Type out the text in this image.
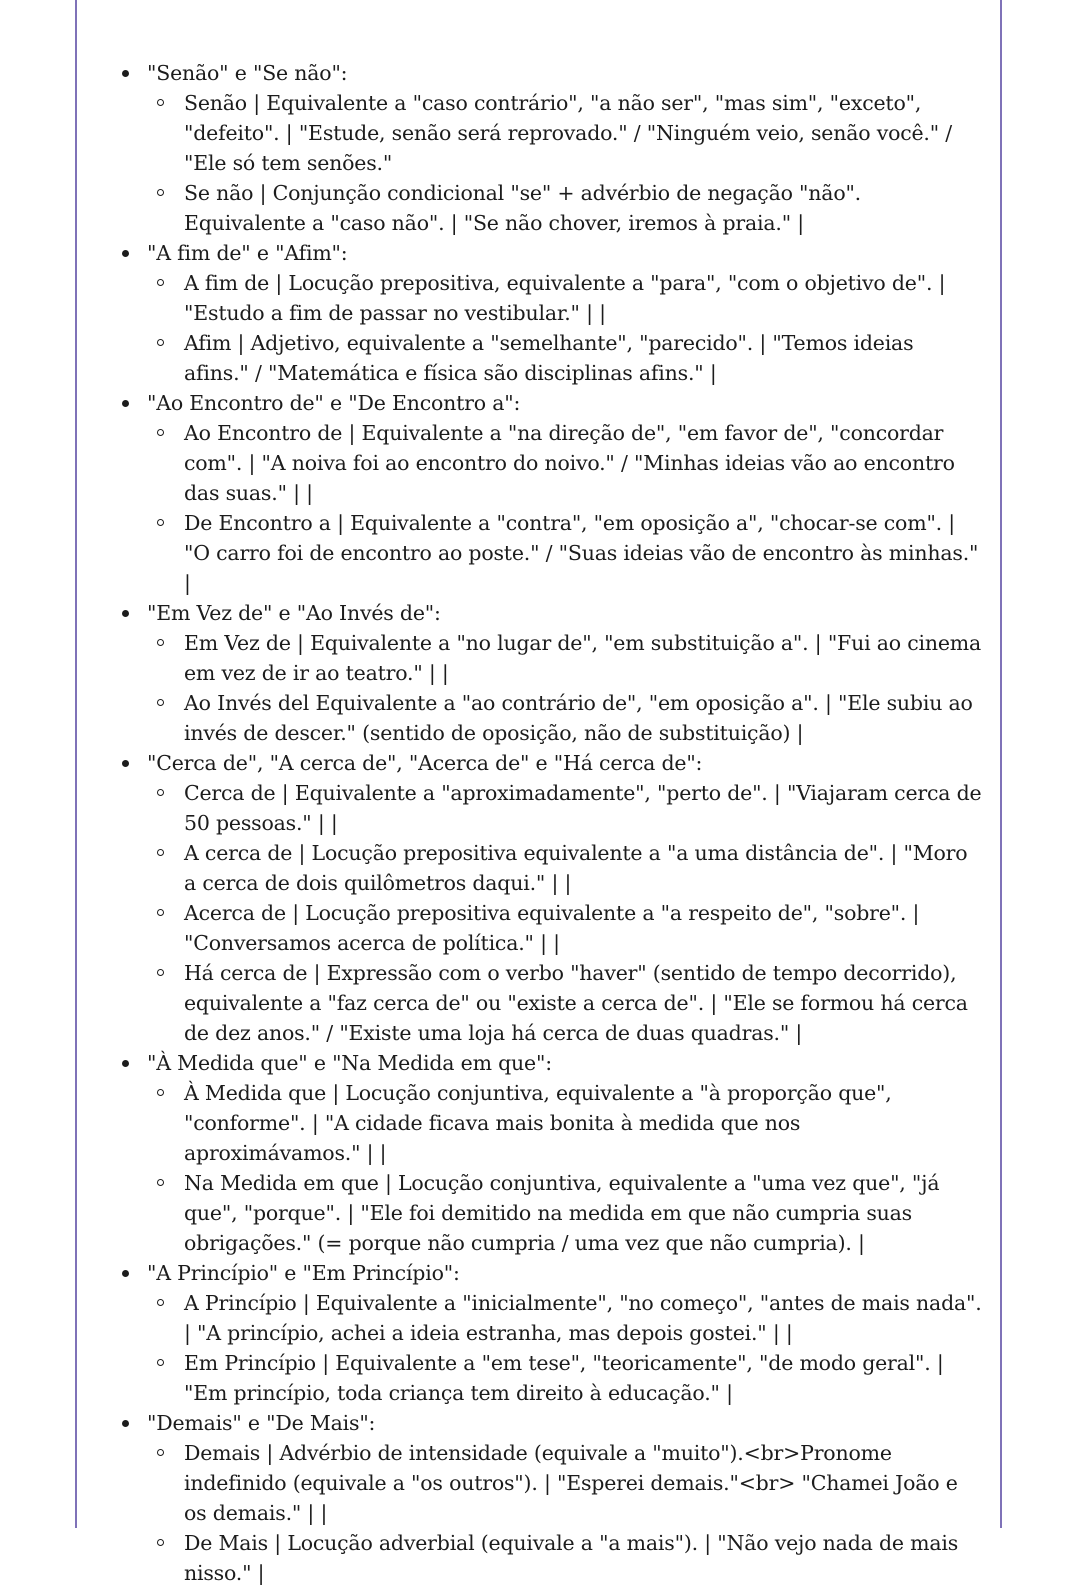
"Senão" e "Se não":
Senão | Equivalente a "caso contrário", "a não ser", "mas sim", "exceto", "defeito". | "Estude, senão será reprovado." / "Ninguém veio, senão você." / "Ele só tem senões."
Se não | Conjunção condicional "se" + advérbio de negação "não". Equivalente a "caso não". | "Se não chover, iremos à praia." |
"A fim de" e "Afim":
A fim de | Locução prepositiva, equivalente a "para", "com o objetivo de". | "Estudo a fim de passar no vestibular." | |
Afim | Adjetivo, equivalente a "semelhante", "parecido". | "Temos ideias afins." / "Matemática e física são disciplinas afins." |
"Ao Encontro de" e "De Encontro a":
Ao Encontro de | Equivalente a "na direção de", "em favor de", "concordar com". | "A noiva foi ao encontro do noivo." / "Minhas ideias vão ao encontro das suas." | |
De Encontro a | Equivalente a "contra", "em oposição a", "chocar-se com". | "O carro foi de encontro ao poste." / "Suas ideias vão de encontro às minhas." |
"Em Vez de" e "Ao Invés de":
Em Vez de | Equivalente a "no lugar de", "em substituição a". | "Fui ao cinema em vez de ir ao teatro." | |
Ao Invés del Equivalente a "ao contrário de", "em oposição a". | "Ele subiu ao invés de descer." (sentido de oposição, não de substituição) |
"Cerca de", "A cerca de", "Acerca de" e "Há cerca de":
Cerca de | Equivalente a "aproximadamente", "perto de". | "Viajaram cerca de 50 pessoas." | |
A cerca de | Locução prepositiva equivalente a "a uma distância de". | "Moro a cerca de dois quilômetros daqui." | |
Acerca de | Locução prepositiva equivalente a "a respeito de", "sobre". | "Conversamos acerca de política." | |
Há cerca de | Expressão com o verbo "haver" (sentido de tempo decorrido), equivalente a "faz cerca de" ou "existe a cerca de". | "Ele se formou há cerca de dez anos." / "Existe uma loja há cerca de duas quadras." |
"À Medida que" e "Na Medida em que":
À Medida que | Locução conjuntiva, equivalente a "à proporção que", "conforme". | "A cidade ficava mais bonita à medida que nos aproximávamos." | |
Na Medida em que | Locução conjuntiva, equivalente a "uma vez que", "já que", "porque". | "Ele foi demitido na medida em que não cumpria suas obrigações." (= porque não cumpria / uma vez que não cumpria). |
"A Princípio" e "Em Princípio":
A Princípio | Equivalente a "inicialmente", "no começo", "antes de mais nada". | "A princípio, achei a ideia estranha, mas depois gostei." | |
Em Princípio | Equivalente a "em tese", "teoricamente", "de modo geral". | "Em princípio, toda criança tem direito à educação." |
"Demais" e "De Mais":
Demais | Advérbio de intensidade (equivale a "muito").<br>Pronome indefinido (equivale a "os outros"). | "Esperei demais."<br> "Chamei João e os demais." | |
De Mais | Locução adverbial (equivale a "a mais"). | "Não vejo nada de mais nisso." |
